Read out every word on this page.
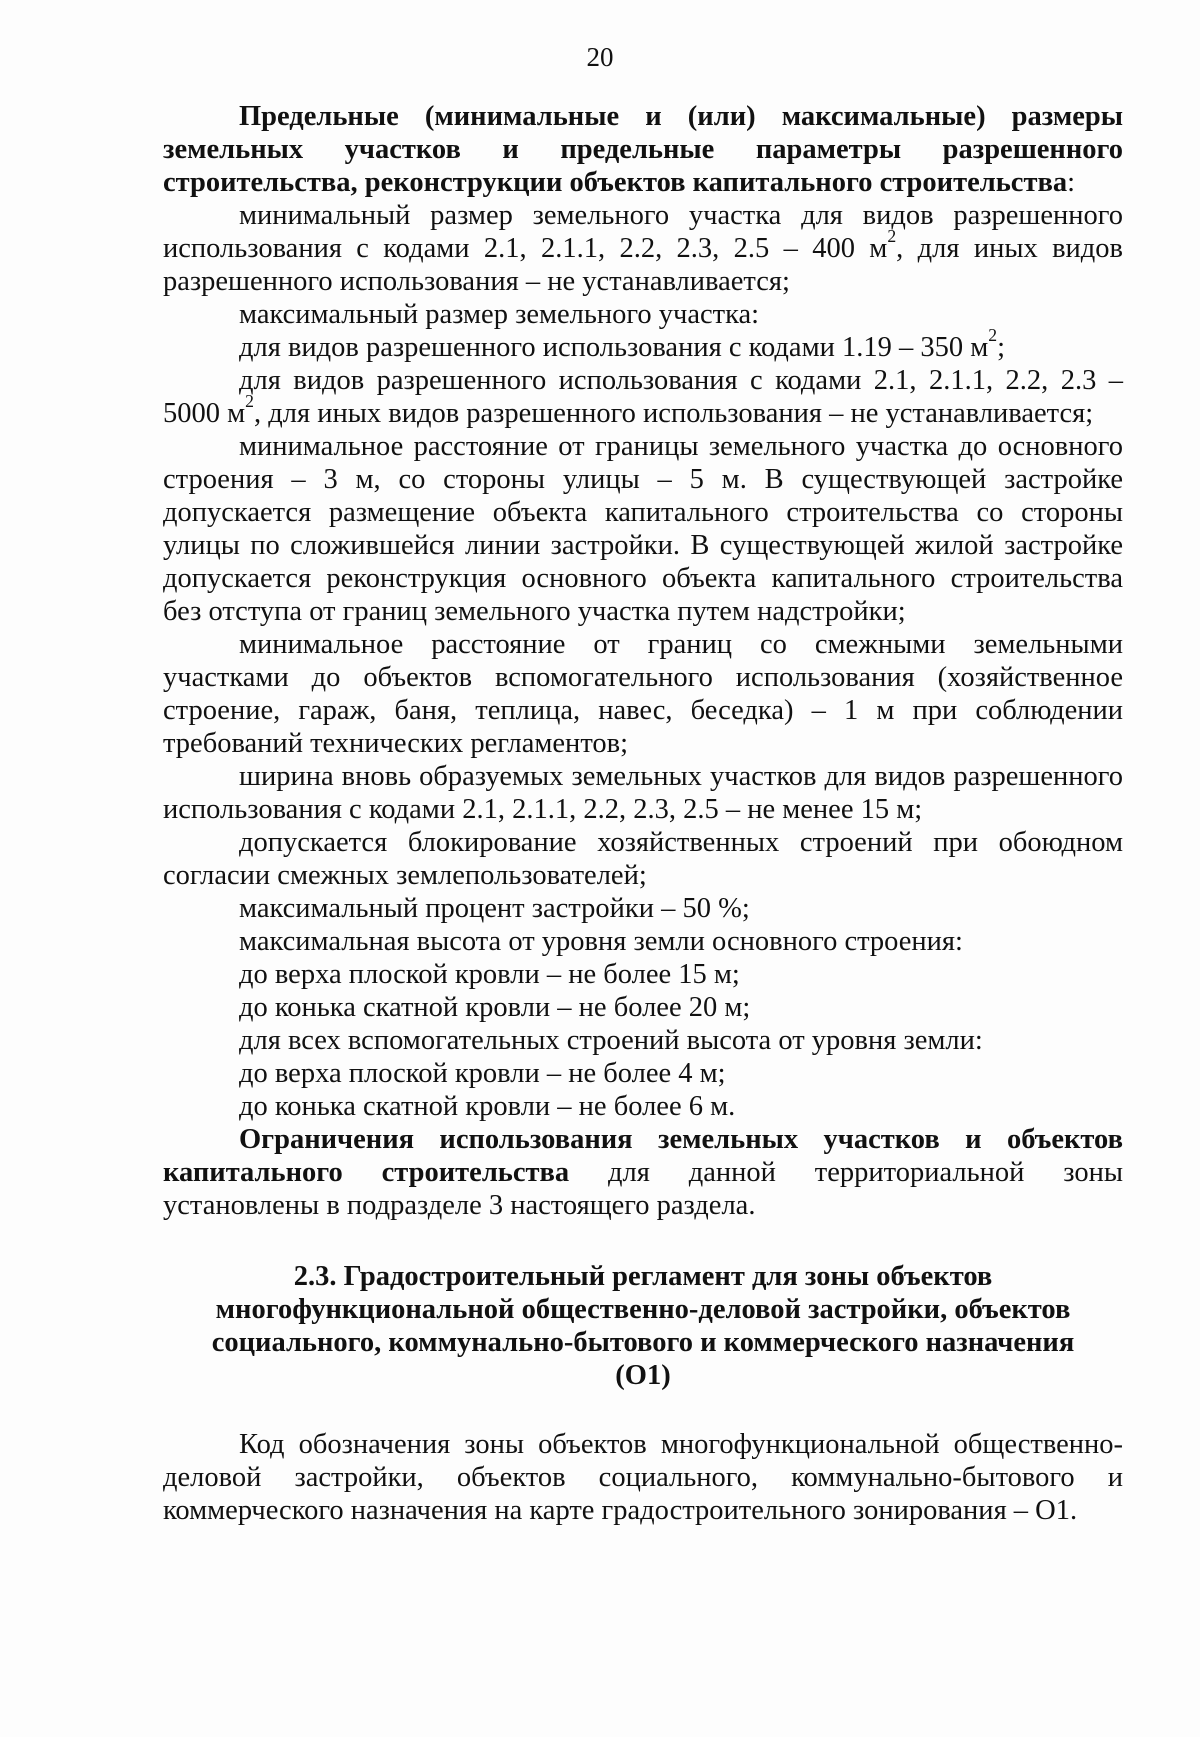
20

Предельные (минимальные и (или) максимальные) размеры земельных участков и предельные параметры разрешенного строительства, реконструкции объектов капитального строительства:

минимальный размер земельного участка для видов разрешенного использования с кодами 2.1, 2.1.1, 2.2, 2.3, 2.5 – 400 $м^2$, для иных видов разрешенного использования – не устанавливается;

максимальный размер земельного участка:

для видов разрешенного использования с кодами 1.19 – 350 $м^2$;

для видов разрешенного использования с кодами 2.1, 2.1.1, 2.2, 2.3 – 5000 $м^2$, для иных видов разрешенного использования – не устанавливается;

минимальное расстояние от границы земельного участка до основного строения – 3 м, со стороны улицы – 5 м. В существующей застройке допускается размещение объекта капитального строительства со стороны улицы по сложившейся линии застройки. В существующей жилой застройке допускается реконструкция основного объекта капитального строительства без отступа от границ земельного участка путем надстройки;

минимальное расстояние от границ со смежными земельными участками до объектов вспомогательного использования (хозяйственное строение, гараж, баня, теплица, навес, беседка) – 1 м при соблюдении требований технических регламентов;

ширина вновь образуемых земельных участков для видов разрешенного использования с кодами 2.1, 2.1.1, 2.2, 2.3, 2.5 – не менее 15 м;

допускается блокирование хозяйственных строений при обоюдном согласии смежных землепользователей;

максимальный процент застройки – 50 %;

максимальная высота от уровня земли основного строения:

до верха плоской кровли – не более 15 м;

до конька скатной кровли – не более 20 м;

для всех вспомогательных строений высота от уровня земли:

до верха плоской кровли – не более 4 м;

до конька скатной кровли – не более 6 м.

Ограничения использования земельных участков и объектов капитального строительства для данной территориальной зоны установлены в подразделе 3 настоящего раздела.

2.3. Градостроительный регламент для зоны объектов
многофункциональной общественно-деловой застройки, объектов
социального, коммунально-бытового и коммерческого назначения
(О1)

Код обозначения зоны объектов многофункциональной общественно-деловой застройки, объектов социального, коммунально-бытового и коммерческого назначения на карте градостроительного зонирования – О1.
